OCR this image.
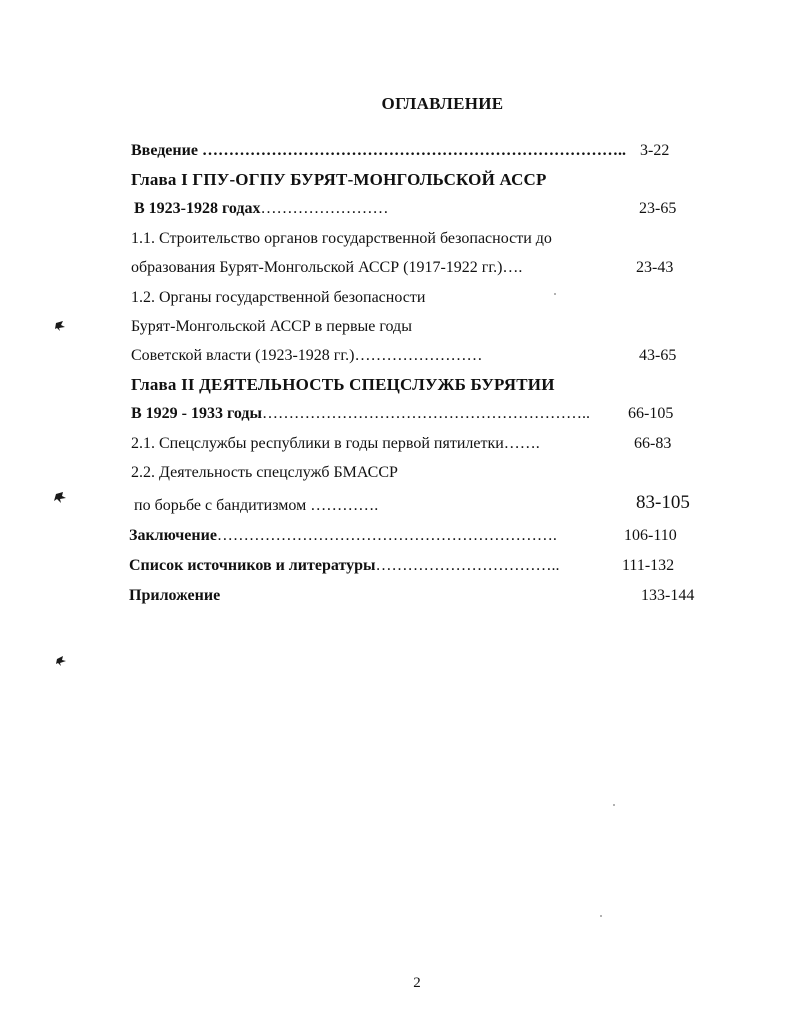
ОГЛАВЛЕНИЕ
Введение …………………………………………………………………….. 3-22
Глава I ГПУ-ОГПУ БУРЯТ-МОНГОЛЬСКОЙ АССР
В 1923-1928 годах……………………	23-65
1.1. Строительство органов государственной безопасности до
образования Бурят-Монгольской АССР (1917-1922 гг.)….	23-43
1.2. Органы государственной безопасности
Бурят-Монгольской АССР в первые годы
Советской власти (1923-1928 гг.)……………………	43-65
Глава II ДЕЯТЕЛЬНОСТЬ СПЕЦСЛУЖБ БУРЯТИИ
В 1929 - 1933 годы…………………………………………………….. 66-105
2.1. Спецслужбы республики в годы первой пятилетки…….	66-83
2.2. Деятельность спецслужб БМАССР
по борьбе с бандитизмом ………….	83-105
Заключение……………………………………………………….	106-110
Список источников и литературы……………………………..	111-132
Приложение	133-144
2
